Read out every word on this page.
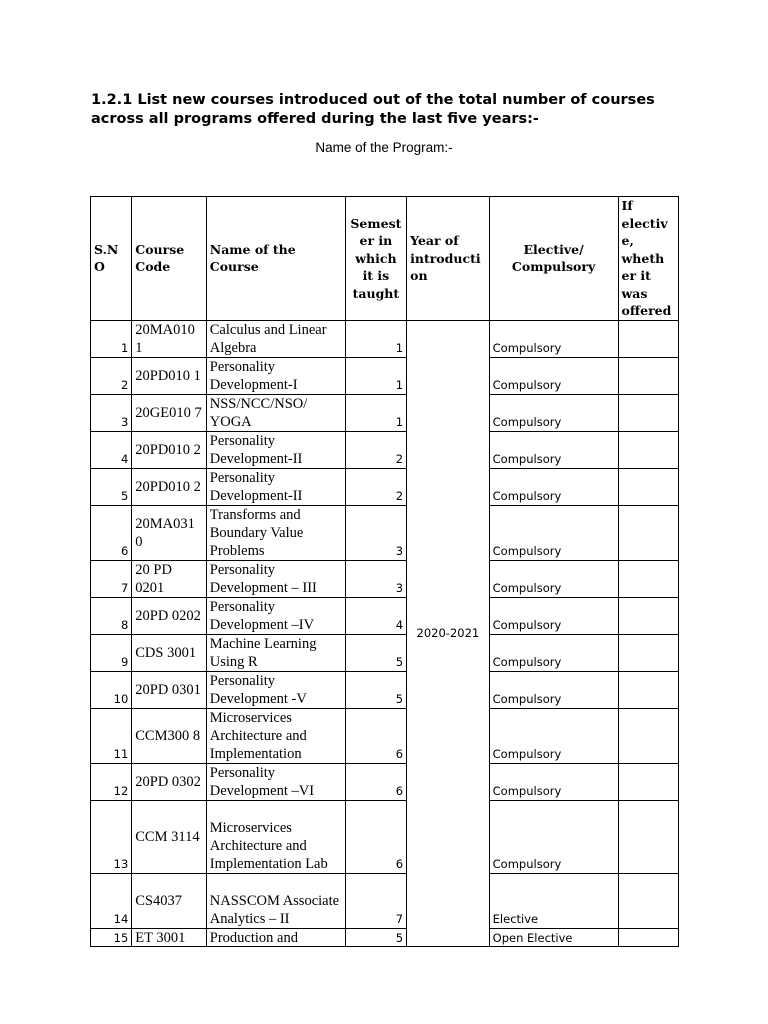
1.2.1 List new courses introduced out of the total number of courses across all programs offered during the last five years:-
Name of the Program:-
S.N O	Course Code	Name of the Course	Semest er in which it is taught	Year of introducti on	Elective/ Compulsory	If electiv e, wheth er it was offered
1	20MA010 1	Calculus and Linear Algebra	1	2020-2021	Compulsory	
2	20PD010 1	Personality Development-I	1		Compulsory	
3	20GE010 7	NSS/NCC/NSO/ YOGA	1		Compulsory	
4	20PD010 2	Personality Development-II	2		Compulsory	
5	20PD010 2	Personality Development-II	2		Compulsory	
6	20MA031 0	Transforms and Boundary Value Problems	3		Compulsory	
7	20 PD 0201	Personality Development – III	3		Compulsory	
8	20PD 0202	Personality Development –IV	4		Compulsory	
9	CDS 3001	Machine Learning Using R	5		Compulsory	
10	20PD 0301	Personality Development -V	5		Compulsory	
11	CCM300 8	Microservices Architecture and Implementation	6		Compulsory	
12	20PD 0302	Personality Development –VI	6		Compulsory	
13	CCM 3114	Microservices Architecture and Implementation Lab	6		Compulsory	
14	CS4037	NASSCOM Associate Analytics – II	7		Elective	
15	ET 3001	Production and	5		Open Elective	
